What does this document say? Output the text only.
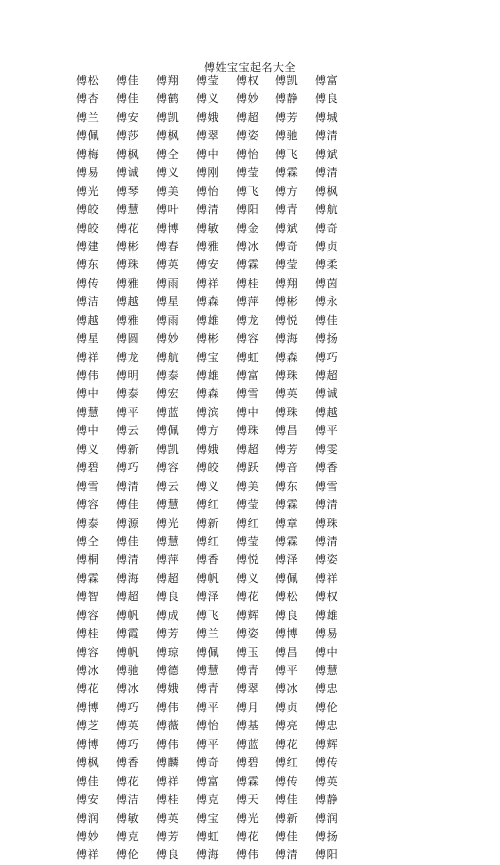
傅姓宝宝起名大全
傅松 傅佳 傅翔 傅莹 傅权 傅凯 傅富
傅杏 傅佳 傅鹤 傅义 傅妙 傅静 傅良
傅兰 傅安 傅凯 傅娥 傅超 傅芳 傅城
傅佩 傅莎 傅枫 傅翠 傅姿 傅驰 傅清
傅梅 傅枫 傅仝 傅中 傅怡 傅飞 傅斌
傅易 傅诚 傅义 傅刚 傅莹 傅霖 傅清
傅光 傅琴 傅美 傅怡 傅飞 傅方 傅枫
傅皎 傅慧 傅叶 傅清 傅阳 傅青 傅航
傅皎 傅花 傅博 傅敏 傅金 傅斌 傅奇
傅建 傅彬 傅春 傅雅 傅冰 傅奇 傅贞
傅东 傅珠 傅英 傅安 傅霖 傅莹 傅柔
傅传 傅雅 傅雨 傅祥 傅桂 傅翔 傅茵
傅洁 傅越 傅星 傅森 傅萍 傅彬 傅永
傅越 傅雅 傅雨 傅雄 傅龙 傅悦 傅佳
傅星 傅圆 傅妙 傅彬 傅容 傅海 傅扬
傅祥 傅龙 傅航 傅宝 傅虹 傅森 傅巧
傅伟 傅明 傅泰 傅雄 傅富 傅珠 傅超
傅中 傅泰 傅宏 傅森 傅雪 傅英 傅诚
傅慧 傅平 傅蓝 傅滨 傅中 傅珠 傅越
傅中 傅云 傅佩 傅方 傅珠 傅昌 傅平
傅义 傅新 傅凯 傅娥 傅超 傅芳 傅雯
傅碧 傅巧 傅容 傅皎 傅跃 傅音 傅香
傅雪 傅清 傅云 傅义 傅美 傅东 傅雪
傅容 傅佳 傅慧 傅红 傅莹 傅霖 傅清
傅泰 傅源 傅光 傅新 傅红 傅章 傅珠
傅仝 傅佳 傅慧 傅红 傅莹 傅霖 傅清
傅桐 傅清 傅萍 傅香 傅悦 傅泽 傅姿
傅霖 傅海 傅超 傅帆 傅义 傅佩 傅祥
傅智 傅超 傅良 傅泽 傅花 傅松 傅权
傅容 傅帆 傅成 傅飞 傅辉 傅良 傅雄
傅桂 傅霞 傅芳 傅兰 傅姿 傅博 傅易
傅容 傅帆 傅琼 傅佩 傅玉 傅昌 傅中
傅冰 傅驰 傅德 傅慧 傅青 傅平 傅慧
傅花 傅冰 傅娥 傅青 傅翠 傅冰 傅忠
傅博 傅巧 傅伟 傅平 傅月 傅贞 傅伦
傅芝 傅英 傅薇 傅怡 傅基 傅亮 傅忠
傅博 傅巧 傅伟 傅平 傅蓝 傅花 傅辉
傅枫 傅香 傅麟 傅奇 傅碧 傅红 傅传
傅佳 傅花 傅祥 傅富 傅霖 傅传 傅英
傅安 傅洁 傅桂 傅克 傅天 傅佳 傅静
傅润 傅敏 傅英 傅宝 傅光 傅新 傅润
傅妙 傅克 傅芳 傅虹 傅花 傅佳 傅扬
傅祥 傅伦 傅良 傅海 傅伟 傅清 傅阳
